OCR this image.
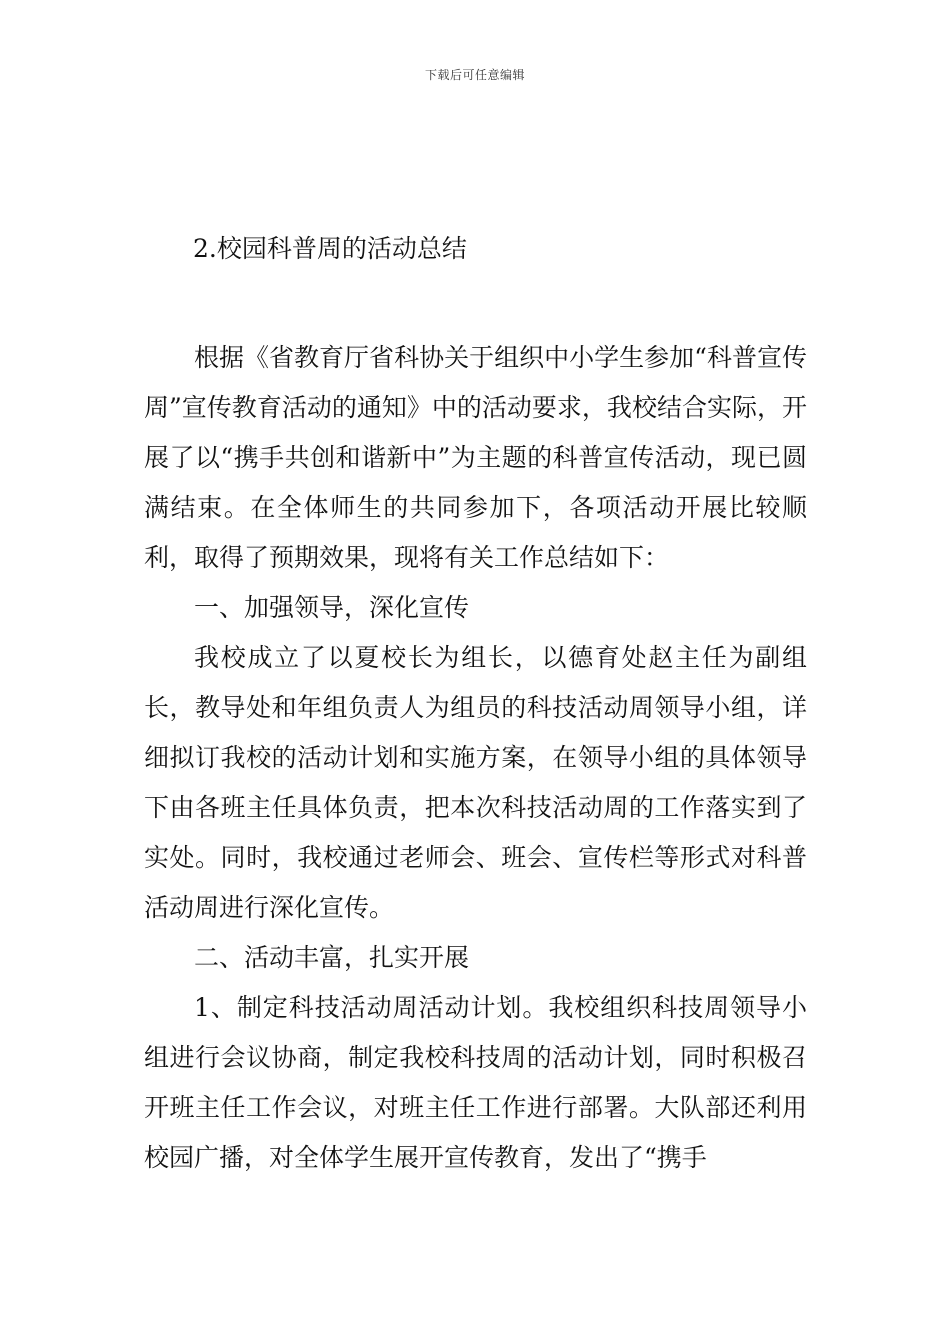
下载后可任意编辑
2.校园科普周的活动总结

根据《省教育厅省科协关于组织中小学生参加“科普宣传周”宣传教育活动的通知》中的活动要求，我校结合实际，开展了以“携手共创和谐新中”为主题的科普宣传活动，现已圆满结束。在全体师生的共同参加下，各项活动开展比较顺利，取得了预期效果，现将有关工作总结如下：

一、加强领导，深化宣传

我校成立了以夏校长为组长，以德育处赵主任为副组长，教导处和年组负责人为组员的科技活动周领导小组，详细拟订我校的活动计划和实施方案，在领导小组的具体领导下由各班主任具体负责，把本次科技活动周的工作落实到了实处。同时，我校通过老师会、班会、宣传栏等形式对科普活动周进行深化宣传。

二、活动丰富，扎实开展

1、制定科技活动周活动计划。我校组织科技周领导小组进行会议协商，制定我校科技周的活动计划，同时积极召开班主任工作会议，对班主任工作进行部署。大队部还利用校园广播，对全体学生展开宣传教育，发出了“携手
